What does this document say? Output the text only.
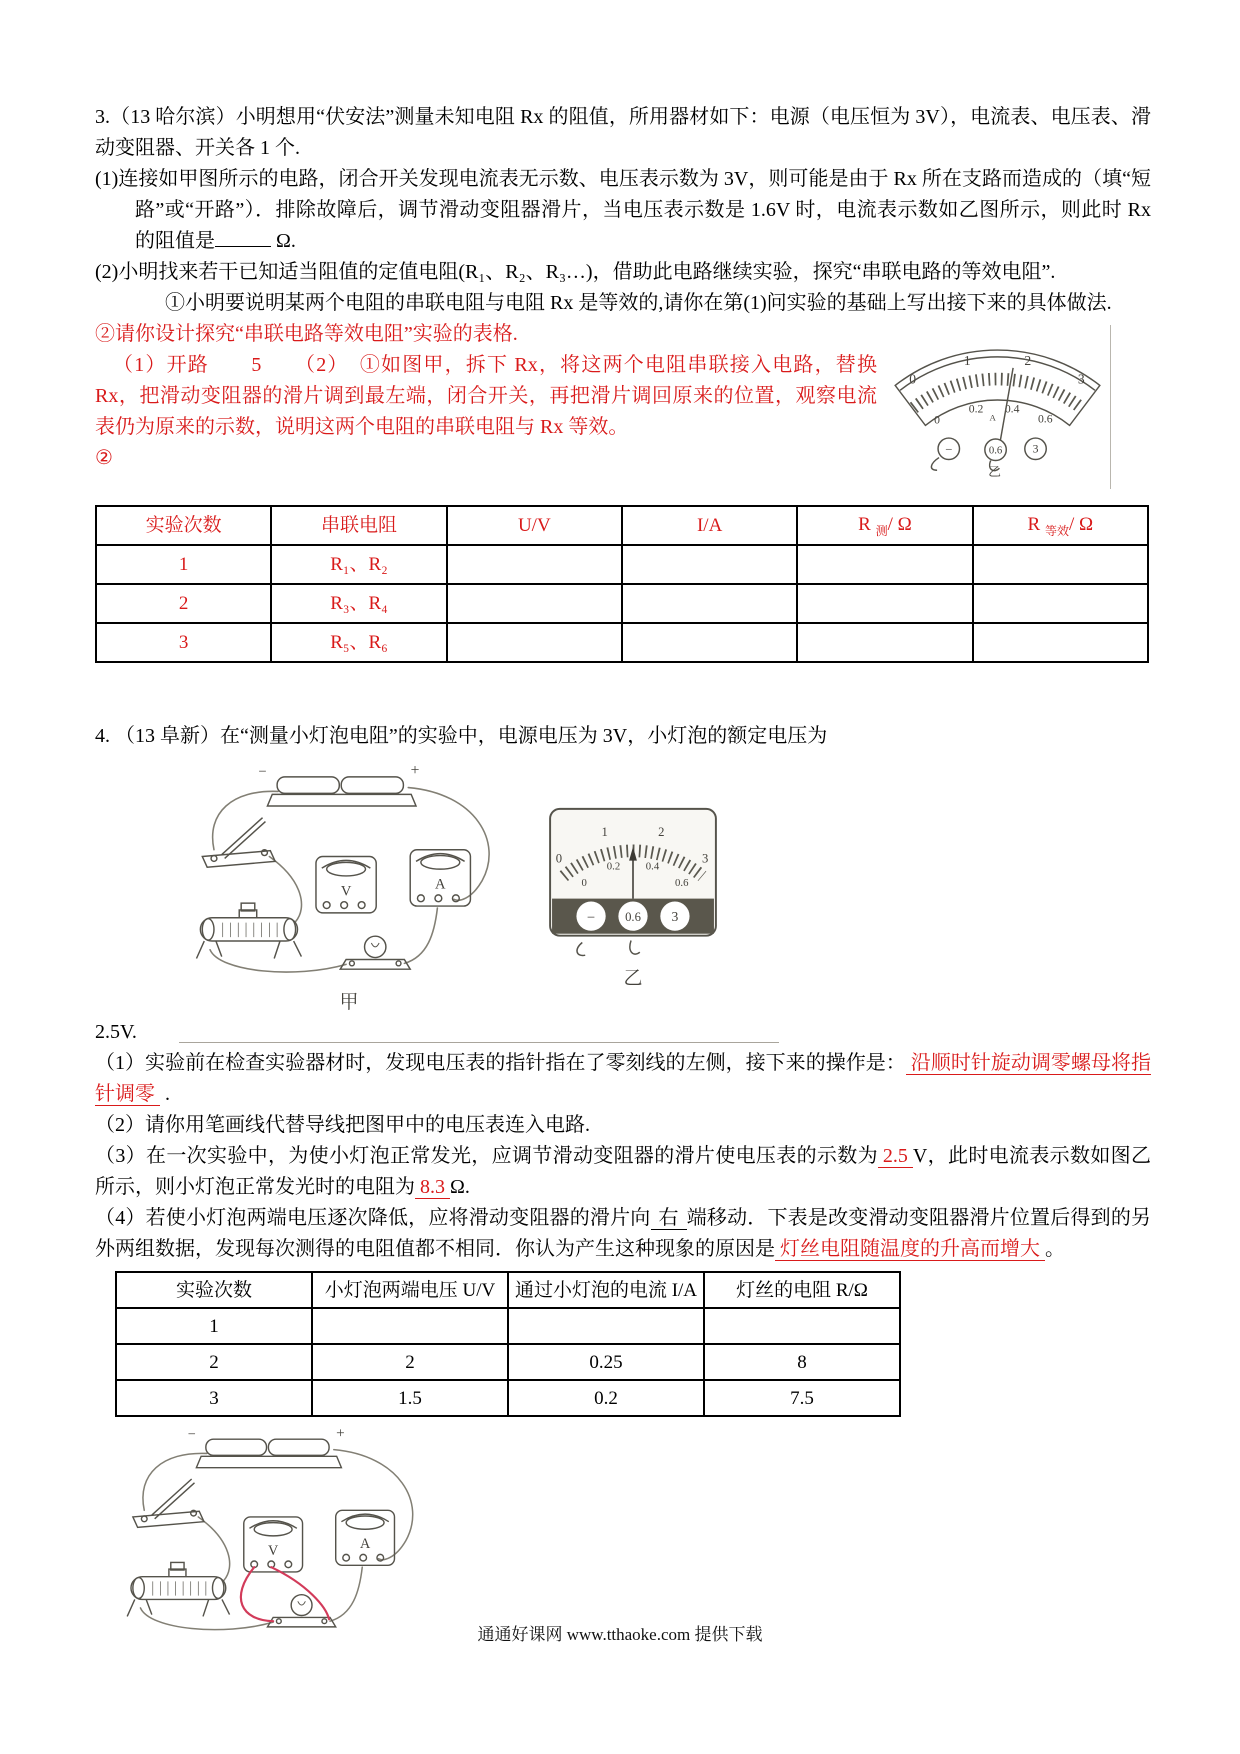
3.（13 哈尔滨）小明想用“伏安法”测量未知电阻 Rx 的阻值，所用器材如下：电源（电压恒为 3V），电流表、电压表、滑动变阻器、开关各 1 个.

(1)连接如甲图所示的电路，闭合开关发现电流表无示数、电压表示数为 3V，则可能是由于 Rx 所在支路而造成的（填“短路”或“开路”）．排除故障后，调节滑动变阻器滑片，当电压表示数是 1.6V 时，电流表示数如乙图所示，则此时 Rx 的阻值是	Ω.

(2)小明找来若干已知适当阻值的定值电阻(R₁、R₂、R₃…)，借助此电路继续实验，探究“串联电路的等效电阻”.

①小明要说明某两个电阻的串联电阻与电阻 Rx 是等效的,请你在第(1)问实验的基础上写出接下来的具体做法.

0
1	2
3
0
0.2
A
0.4
0.6
−	0.6	3
乙

②请你设计探究“串联电路等效电阻”实验的表格.

（1）开路　　5　　（2）　①如图甲，拆下 Rx，将这两个电阻串联接入电路，替换 Rx，把滑动变阻器的滑片调到最左端，闭合开关，再把滑片调回原来的位置，观察电流表仍为原来的示数，说明这两个电阻的串联电阻与 Rx 等效。

②

实验次数	串联电阻	U/V	I/A	R $_测$/ Ω	R $_{等效}$/ Ω
1	R₁、R₂				
2	R₃、R₄				
3	R₅、R₆				

4. （13 阜新）在“测量小灯泡电阻”的实验中，电源电压为 3V，小灯泡的额定电压为

−	+
V	A
甲
0
1	2
3
0
0.2 0.4
0.6
− 0.6 3
乙

2.5V.

（1）实验前在检查实验器材时，发现电压表的指针指在了零刻线的左侧，接下来的操作是： 沿顺时针旋动调零螺母将指针调零 .

（2）请你用笔画线代替导线把图甲中的电压表连入电路.

（3）在一次实验中，为使小灯泡正常发光，应调节滑动变阻器的滑片使电压表的示数为 2.5 V，此时电流表示数如图乙所示，则小灯泡正常发光时的电阻为 8.3 Ω.

（4）若使小灯泡两端电压逐次降低，应将滑动变阻器的滑片向 右 端移动．下表是改变滑动变阻器滑片位置后得到的另外两组数据，发现每次测得的电阻值都不相同．你认为产生这种现象的原因是 灯丝电阻随温度的升高而增大 。

实验次数	小灯泡两端电压 U/V	通过小灯泡的电流 I/A	灯丝的电阻 R/Ω
1			
2	2	0.25	8
3	1.5	0.2	7.5
−	+
V	A
通通好课网 www.tthaoke.com 提供下载
